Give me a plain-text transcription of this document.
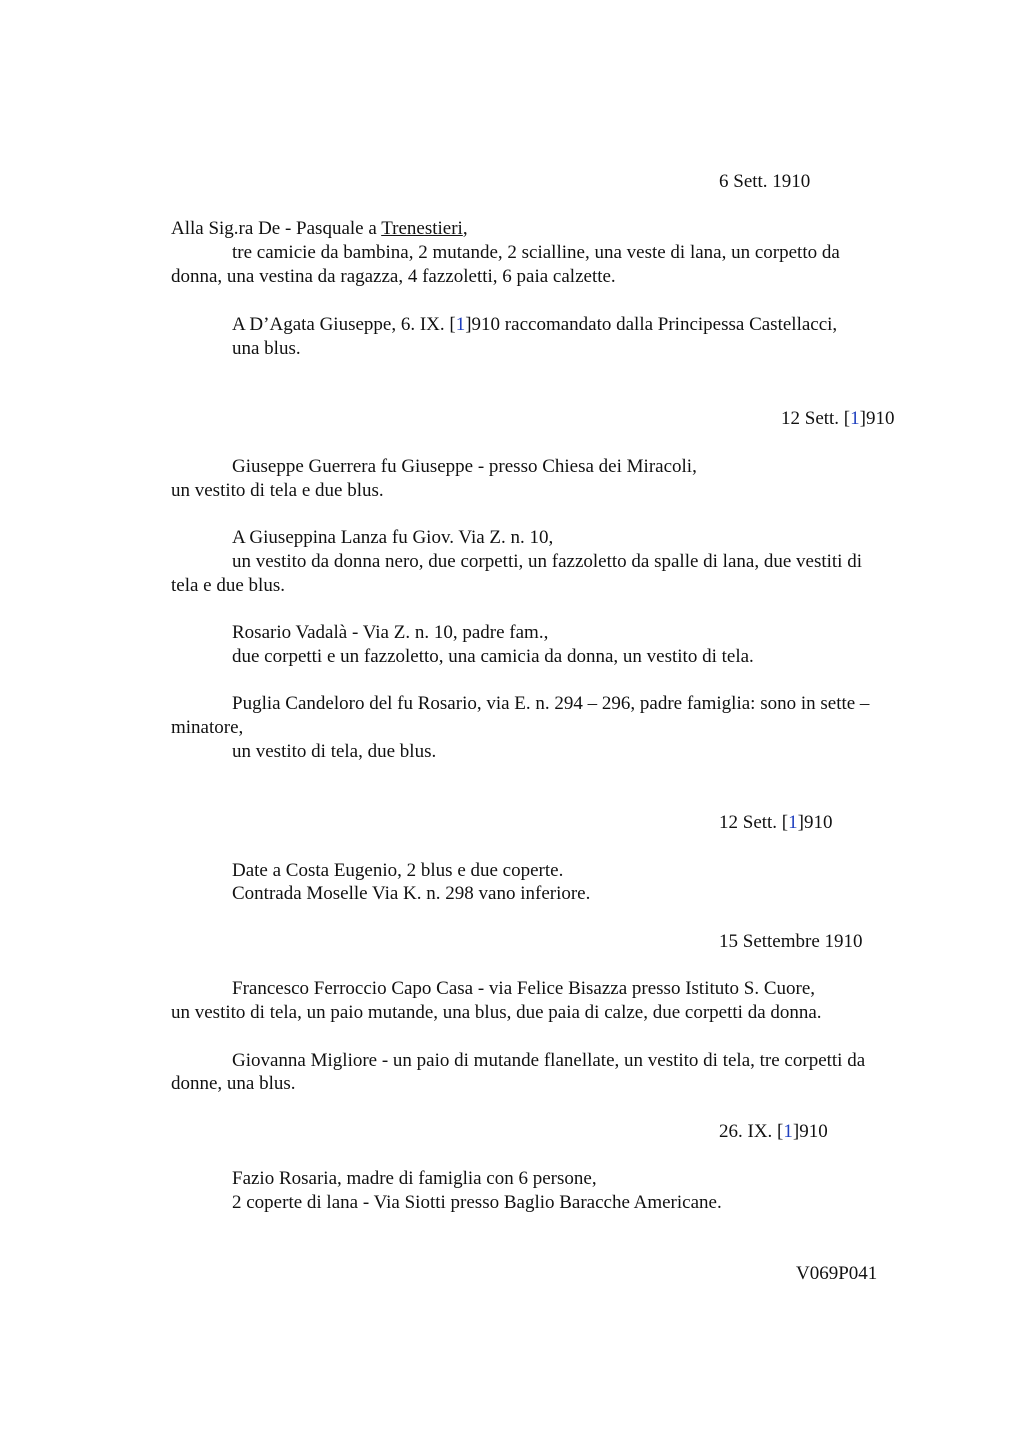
6 Sett. 1910

Alla Sig.ra De - Pasquale a Trenestieri,

tre camicie da bambina, 2 mutande, 2 scialline, una veste di lana, un corpetto da

donna, una vestina da ragazza, 4 fazzoletti, 6 paia calzette.

A D’Agata Giuseppe, 6. IX. [1]910 raccomandato dalla Principessa Castellacci,

una blus.

12 Sett. [1]910

Giuseppe Guerrera fu Giuseppe - presso Chiesa dei Miracoli,

un vestito di tela e due blus.

A Giuseppina Lanza fu Giov. Via Z. n. 10,

un vestito da donna nero, due corpetti, un fazzoletto da spalle di lana, due vestiti di

tela e due blus.

Rosario Vadalà - Via Z. n. 10, padre fam.,

due corpetti e un fazzoletto, una camicia da donna, un vestito di tela.

Puglia Candeloro del fu Rosario, via E. n. 294 – 296, padre famiglia: sono in sette –

minatore,

un vestito di tela, due blus.

12 Sett. [1]910

Date a Costa Eugenio, 2 blus e due coperte.

Contrada Moselle Via K. n. 298 vano inferiore.

15 Settembre 1910

Francesco Ferroccio Capo Casa - via Felice Bisazza presso Istituto S. Cuore,

un vestito di tela, un paio mutande, una blus, due paia di calze, due corpetti da donna.

Giovanna Migliore - un paio di mutande flanellate, un vestito di tela, tre corpetti da

donne, una blus.

26. IX. [1]910

Fazio Rosaria, madre di famiglia con 6 persone,

2 coperte di lana - Via Siotti presso Baglio Baracche Americane.

V069P041
